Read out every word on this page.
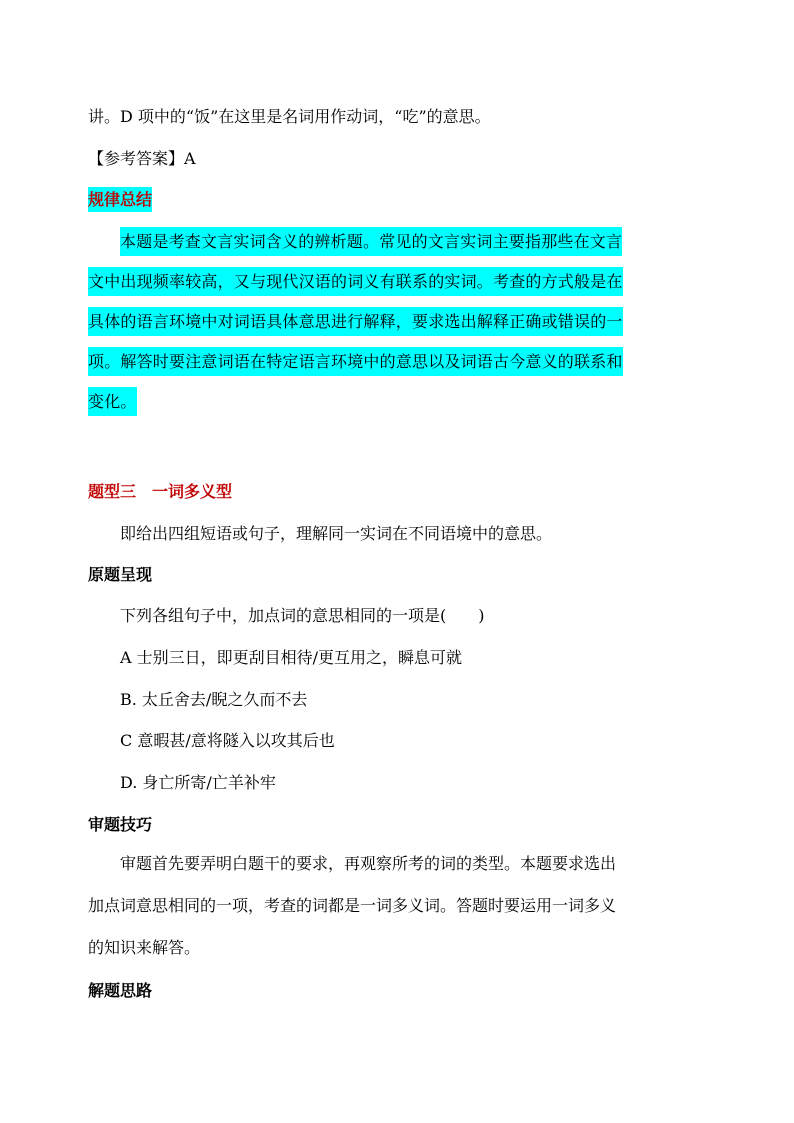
讲。D 项中的“饭”在这里是名词用作动词，“吃”的意思。
【参考答案】A
规律总结
本题是考查文言实词含义的辨析题。常见的文言实词主要指那些在文言
文中出现频率较高，又与现代汉语的词义有联系的实词。考查的方式般是在
具体的语言环境中对词语具体意思进行解释，要求选出解释正确或错误的一
项。解答时要注意词语在特定语言环境中的意思以及词语古今意义的联系和
变化。
题型三　一词多义型
即给出四组短语或句子，理解同一实词在不同语境中的意思。
原题呈现
下列各组句子中，加点词的意思相同的一项是(　　)
A 士别三日，即更刮目相待/更互用之，瞬息可就
B. 太丘舍去/睨之久而不去
C 意暇甚/意将隧入以攻其后也
D. 身亡所寄/亡羊补牢
审题技巧
审题首先要弄明白题干的要求，再观察所考的词的类型。本题要求选出
加点词意思相同的一项，考查的词都是一词多义词。答题时要运用一词多义
的知识来解答。
解题思路
